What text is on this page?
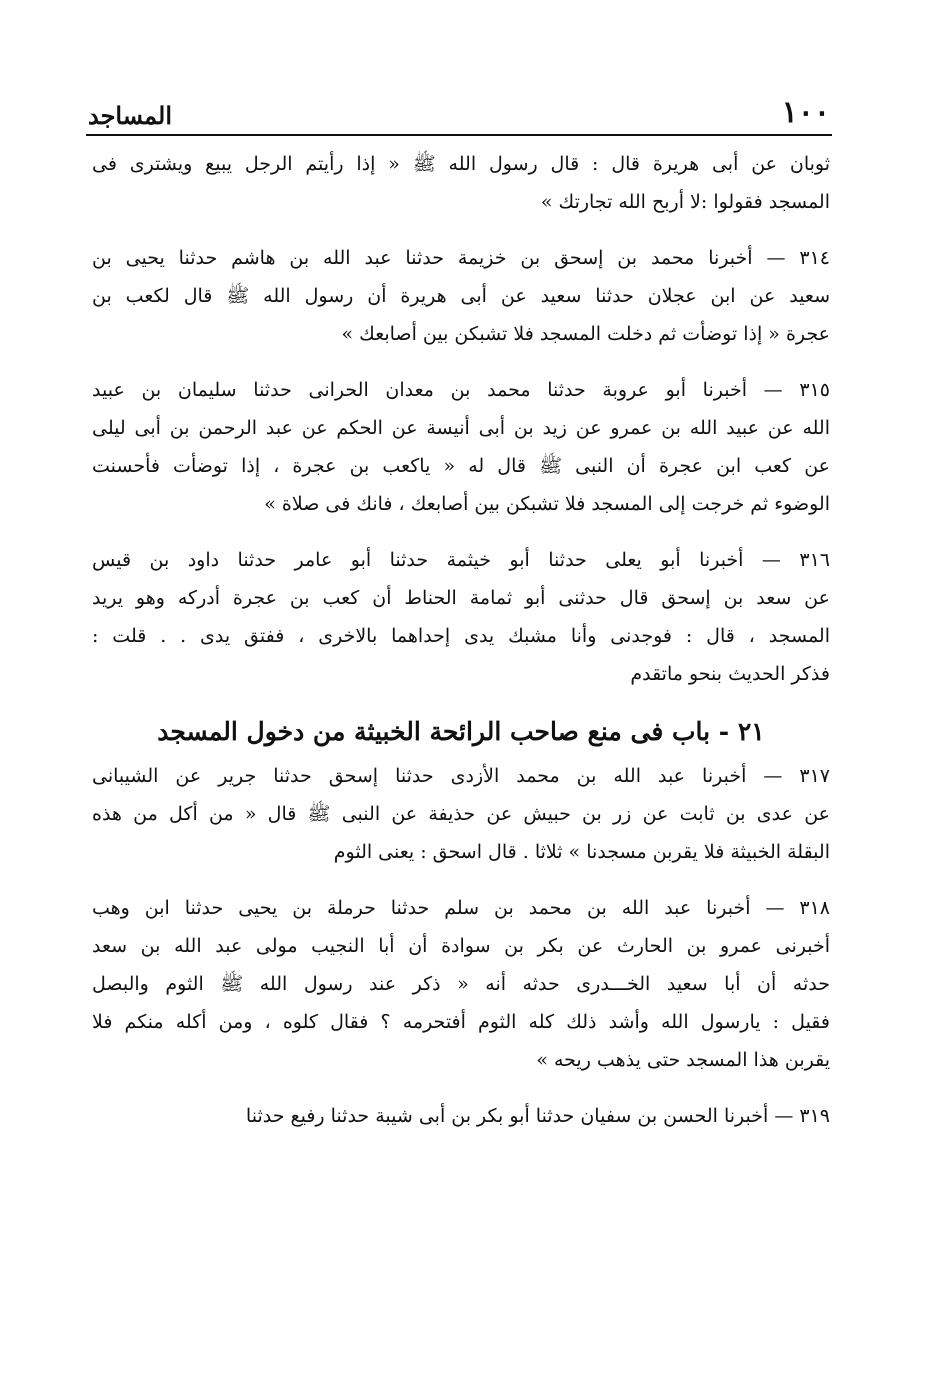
المساجد	١٠٠
ثوبان عن أبى هريرة قال : قال رسول الله ﷺ « إذا رأيتم الرجل يبيع ويشترى فى
المسجد فقولوا :لا أربح الله تجارتك »
٣١٤ — أخبرنا محمد بن إسحق بن خزيمة حدثنا عبد الله بن هاشم حدثنا يحيى بن
سعيد عن ابن عجلان حدثنا سعيد عن أبى هريرة أن رسول الله ﷺ قال لكعب بن
عجرة « إذا توضأت ثم دخلت المسجد فلا تشبكن بين أصابعك »
٣١٥ — أخبرنا أبو عروبة حدثنا محمد بن معدان الحرانى حدثنا سليمان بن عبيد
الله عن عبيد الله بن عمرو عن زيد بن أبى أنيسة عن الحكم عن عبد الرحمن بن أبى ليلى
عن كعب ابن عجرة أن النبى ﷺ قال له « ياكعب بن عجرة ، إذا توضأت فأحسنت
الوضوء ثم خرجت إلى المسجد فلا تشبكن بين أصابعك ، فانك فى صلاة »
٣١٦ — أخبرنا أبو يعلى حدثنا أبو خيثمة حدثنا أبو عامر حدثنا داود بن قيس
عن سعد بن إسحق قال حدثنى أبو ثمامة الحناط أن كعب بن عجرة أدركه وهو يريد
المسجد ، قال : فوجدنى وأنا مشبك يدى إحداهما بالاخرى ، ففتق يدى . . قلت :
فذكر الحديث بنحو ماتقدم
٢١ - باب فى منع صاحب الرائحة الخبيثة من دخول المسجد
٣١٧ — أخبرنا عبد الله بن محمد الأزدى حدثنا إسحق حدثنا جرير عن الشيبانى
عن عدى بن ثابت عن زر بن حبيش عن حذيفة عن النبى ﷺ قال « من أكل من هذه
البقلة الخبيثة فلا يقربن مسجدنا » ثلاثا . قال اسحق : يعنى الثوم
٣١٨ — أخبرنا عبد الله بن محمد بن سلم حدثنا حرملة بن يحيى حدثنا ابن وهب
أخبرنى عمرو بن الحارث عن بكر بن سوادة أن أبا النجيب مولى عبد الله بن سعد
حدثه أن أبا سعيد الخـــدرى حدثه أنه « ذكر عند رسول الله ﷺ الثوم والبصل
فقيل : يارسول الله وأشد ذلك كله الثوم أفتحرمه ؟ فقال كلوه ، ومن أكله منكم فلا
يقربن هذا المسجد حتى يذهب ريحه »
٣١٩ — أخبرنا الحسن بن سفيان حدثنا أبو بكر بن أبى شيبة حدثنا رفيع حدثنا
